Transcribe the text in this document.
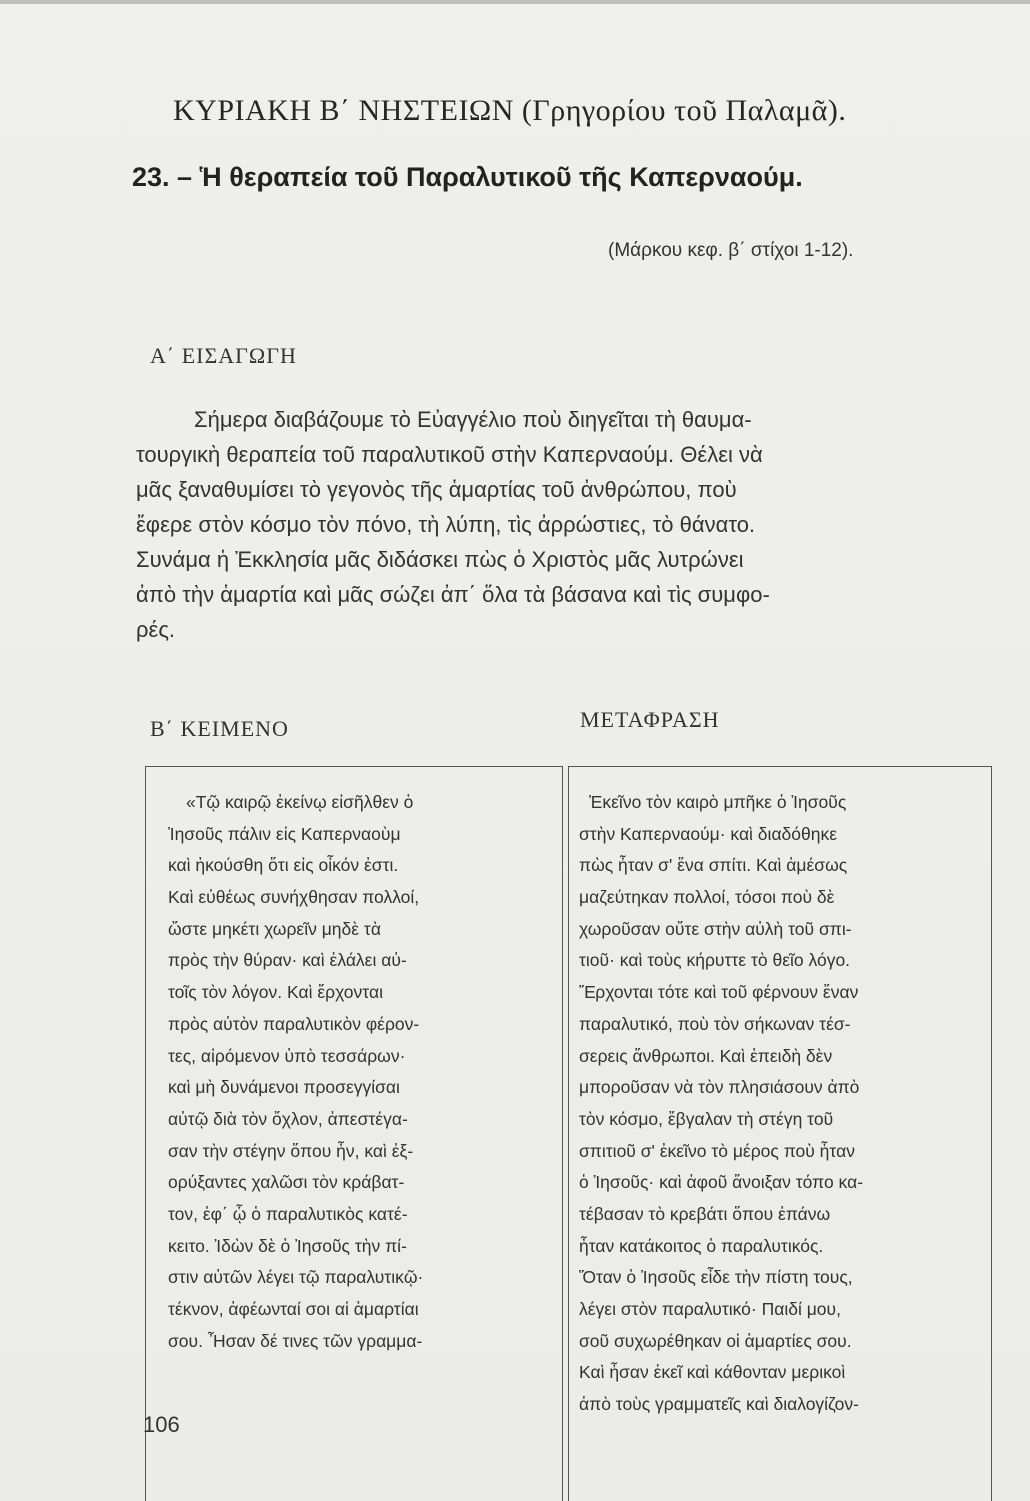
ΚΥΡΙΑΚΗ Β΄ ΝΗΣΤΕΙΩΝ (Γρηγορίου τοῦ Παλαμᾶ).
23. – Ἡ θεραπεία τοῦ Παραλυτικοῦ τῆς Καπερναούμ.
(Μάρκου κεφ. β΄ στίχοι 1-12).
Α΄ ΕΙΣΑΓΩΓΗ
Σήμερα διαβάζουμε τὸ Εὐαγγέλιο ποὺ διηγεῖται τὴ θαυμα-
τουργικὴ θεραπεία τοῦ παραλυτικοῦ στὴν Καπερναούμ. Θέλει νὰ
μᾶς ξαναθυμίσει τὸ γεγονὸς τῆς ἁμαρτίας τοῦ ἀνθρώπου, ποὺ
ἔφερε στὸν κόσμο τὸν πόνο, τὴ λύπη, τὶς ἀρρώστιες, τὸ θάνατο.
Συνάμα ἡ Ἐκκλησία μᾶς διδάσκει πὼς ὁ Χριστὸς μᾶς λυτρώνει
ἀπὸ τὴν ἁμαρτία καὶ μᾶς σώζει ἀπ΄ ὅλα τὰ βάσανα καὶ τὶς συμφο-
ρές.
Β΄ ΚΕΙΜΕΝΟ	ΜΕΤΑΦΡΑΣΗ
«Τῷ καιρῷ ἐκείνῳ εἰσῆλθεν ὁ
Ἰησοῦς πάλιν εἰς Καπερναοὺμ
καὶ ἠκούσθη ὅτι εἰς οἶκόν ἐστι.
Καὶ εὐθέως συνήχθησαν πολλοί,
ὥστε μηκέτι χωρεῖν μηδὲ τὰ
πρὸς τὴν θύραν· καὶ ἐλάλει αὐ-
τοῖς τὸν λόγον. Καὶ ἔρχονται
πρὸς αὐτὸν παραλυτικὸν φέρον-
τες, αἰρόμενον ὑπὸ τεσσάρων·
καὶ μὴ δυνάμενοι προσεγγίσαι
αὐτῷ διὰ τὸν ὄχλον, ἀπεστέγα-
σαν τὴν στέγην ὅπου ἦν, καὶ ἐξ-
ορύξαντες χαλῶσι τὸν κράβατ-
τον, ἐφ΄ ᾧ ὁ παραλυτικὸς κατέ-
κειτο. Ἰδὼν δὲ ὁ Ἰησοῦς τὴν πί-
στιν αὐτῶν λέγει τῷ παραλυτικῷ·
τέκνον, ἀφέωνταί σοι αἱ ἁμαρτίαι
σου. Ἦσαν δέ τινες τῶν γραμμα-
Ἐκεῖνο τὸν καιρὸ μπῆκε ὁ Ἰησοῦς
στὴν Καπερναούμ· καὶ διαδόθηκε
πὼς ἦταν σ' ἕνα σπίτι. Καὶ ἀμέσως
μαζεύτηκαν πολλοί, τόσοι ποὺ δὲ
χωροῦσαν οὔτε στὴν αὐλὴ τοῦ σπι-
τιοῦ· καὶ τοὺς κήρυττε τὸ θεῖο λόγο.
Ἔρχονται τότε καὶ τοῦ φέρνουν ἕναν
παραλυτικό, ποὺ τὸν σήκωναν τέσ-
σερεις ἄνθρωποι. Καὶ ἐπειδὴ δὲν
μποροῦσαν νὰ τὸν πλησιάσουν ἀπὸ
τὸν κόσμο, ἔβγαλαν τὴ στέγη τοῦ
σπιτιοῦ σ' ἐκεῖνο τὸ μέρος ποὺ ἦταν
ὁ Ἰησοῦς· καὶ ἀφοῦ ἄνοιξαν τόπο κα-
τέβασαν τὸ κρεβάτι ὅπου ἐπάνω
ἦταν κατάκοιτος ὁ παραλυτικός.
Ὅταν ὁ Ἰησοῦς εἶδε τὴν πίστη τους,
λέγει στὸν παραλυτικό· Παιδί μου,
σοῦ συχωρέθηκαν οἱ ἁμαρτίες σου.
Καὶ ἦσαν ἐκεῖ καὶ κάθονταν μερικοὶ
ἀπὸ τοὺς γραμματεῖς καὶ διαλογίζον-
106
